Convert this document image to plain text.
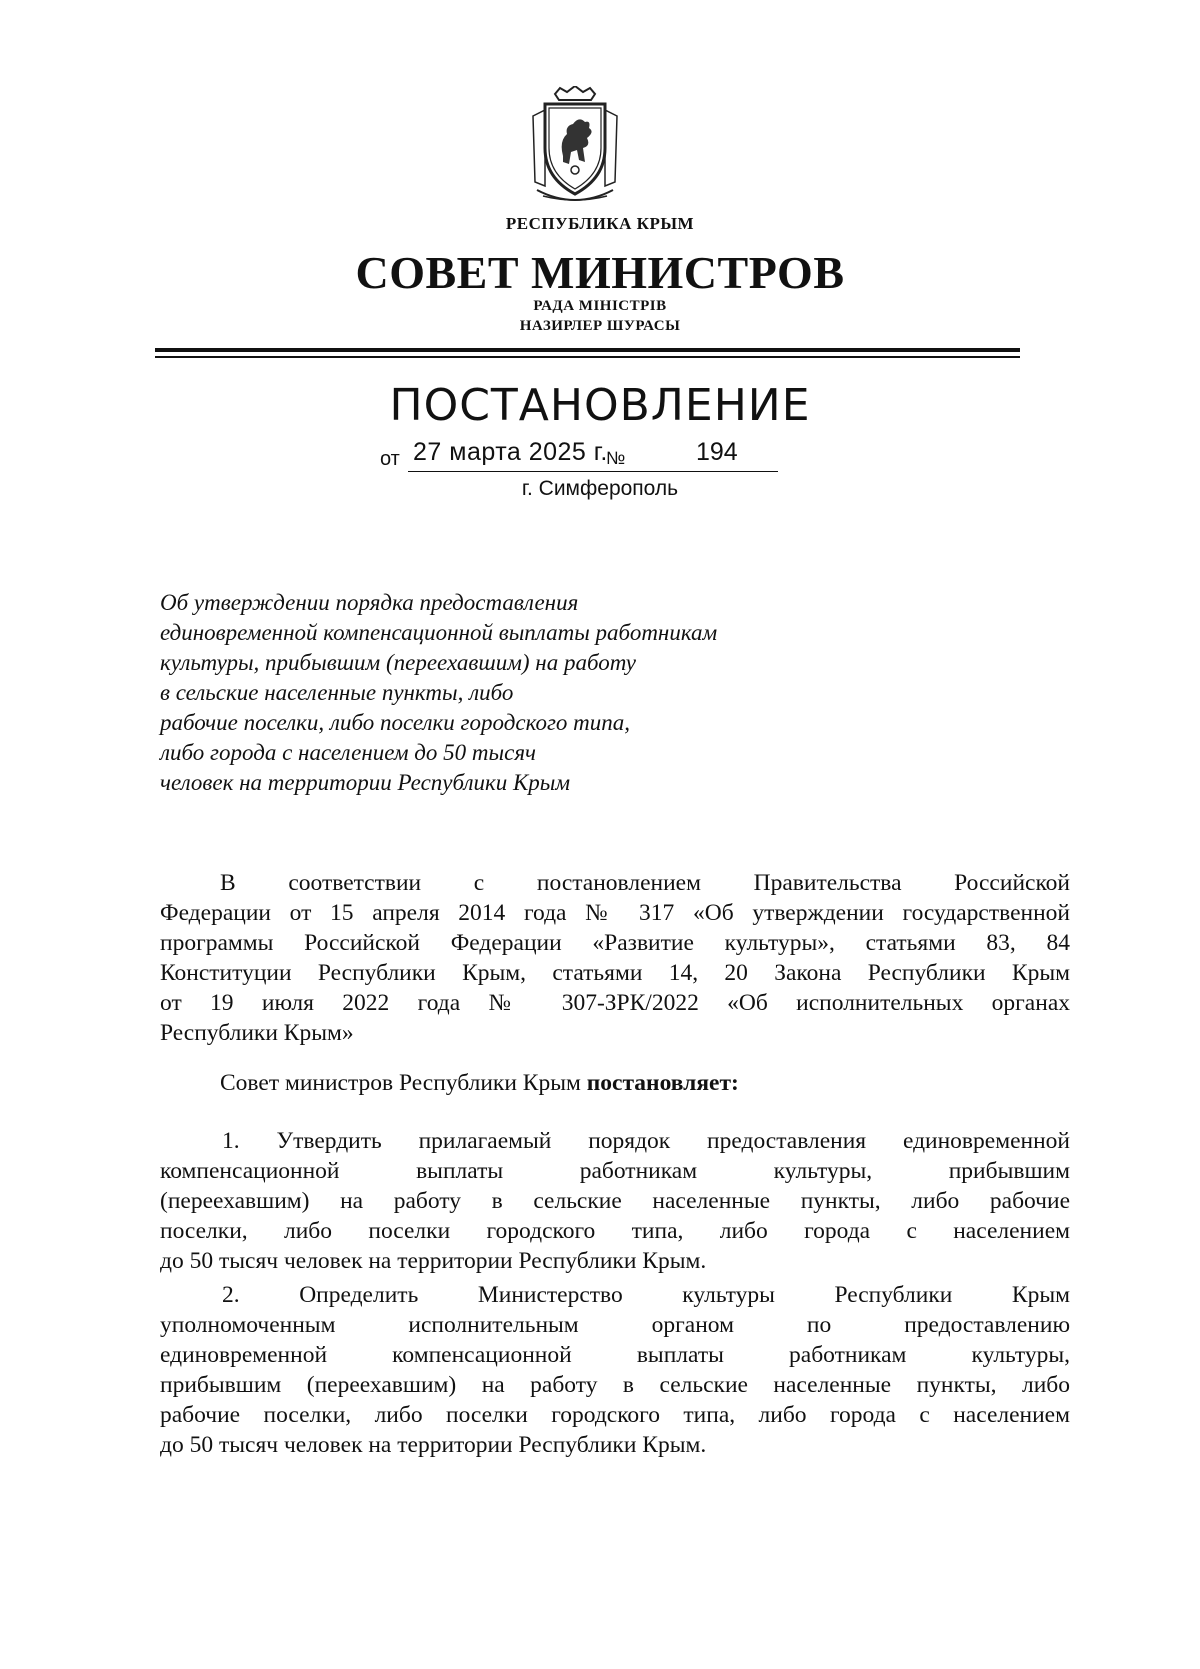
РЕСПУБЛИКА КРЫМ
СОВЕТ МИНИСТРОВ
РАДА МІНІСТРІВ
НАЗИРЛЕР ШУРАСЫ
ПОСТАНОВЛЕНИЕ
от 27 марта 2025 г.
№	194
г. Симферополь
Об утверждении порядка предоставления
единовременной компенсационной выплаты работникам
культуры, прибывшим (переехавшим) на работу
в сельские населенные пункты, либо
рабочие поселки, либо поселки городского типа,
либо города с населением до 50 тысяч
человек на территории Республики Крым
В соответствии с постановлением Правительства Российской
Федерации от 15 апреля 2014 года № 317 «Об утверждении государственной
программы Российской Федерации «Развитие культуры», статьями 83, 84
Конституции Республики Крым, статьями 14, 20 Закона Республики Крым
от 19 июля 2022 года № 307-ЗРК/2022 «Об исполнительных органах
Республики Крым»
Совет министров Республики Крым постановляет:
1. Утвердить прилагаемый порядок предоставления единовременной
компенсационной выплаты работникам культуры, прибывшим
(переехавшим) на работу в сельские населенные пункты, либо рабочие
поселки, либо поселки городского типа, либо города с населением
до 50 тысяч человек на территории Республики Крым.
2. Определить Министерство культуры Республики Крым
уполномоченным исполнительным органом по предоставлению
единовременной компенсационной выплаты работникам культуры,
прибывшим (переехавшим) на работу в сельские населенные пункты, либо
рабочие поселки, либо поселки городского типа, либо города с населением
до 50 тысяч человек на территории Республики Крым.
